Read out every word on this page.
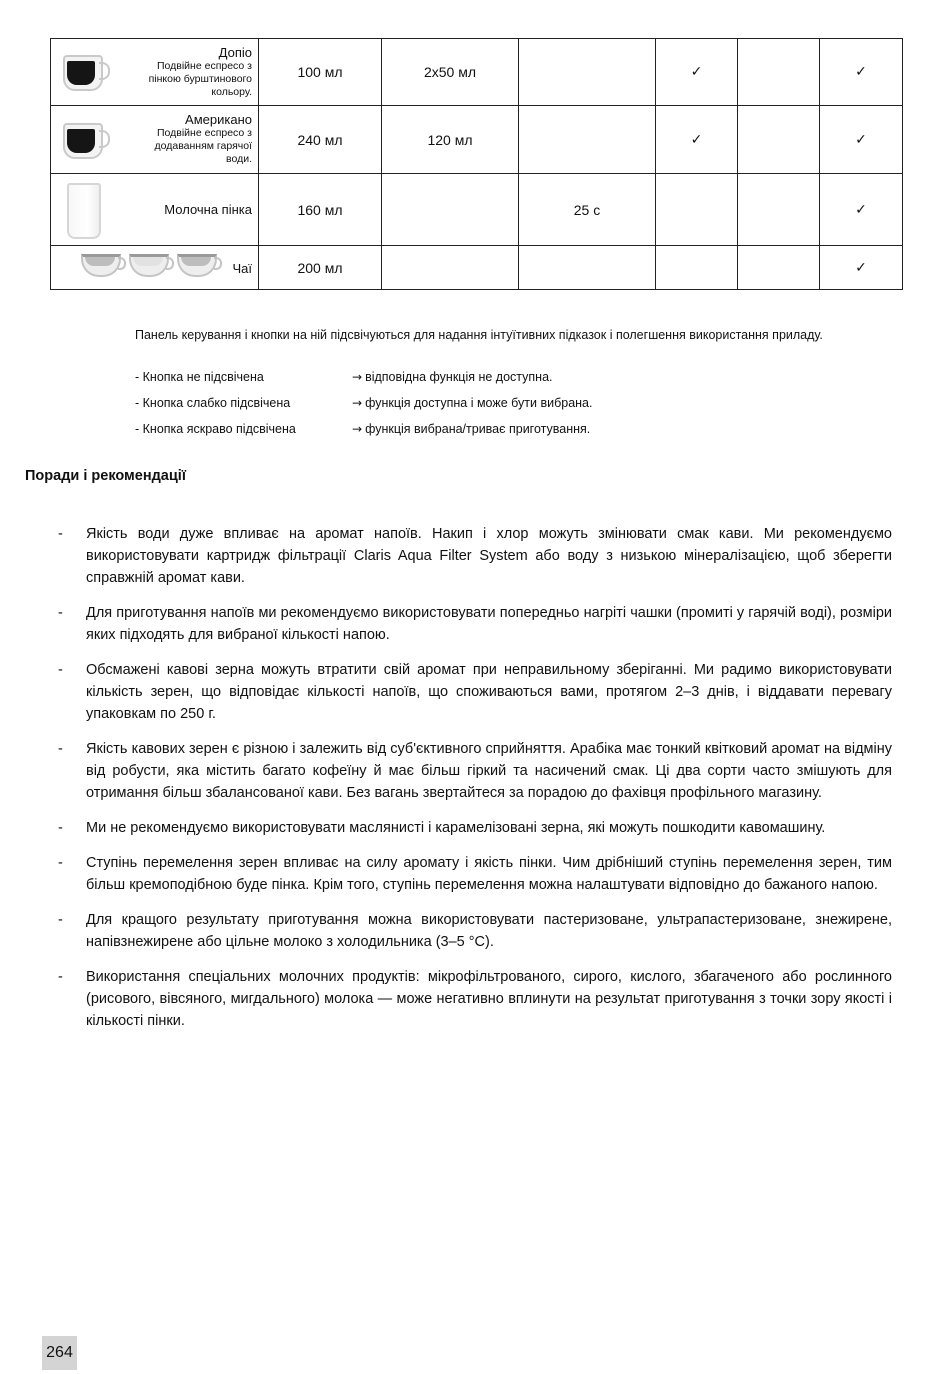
Допіо
Подвійне еспресо з
пінкою бурштинового
кольору.	100 мл	2x50 мл		✓		✓

Американо
Подвійне еспресо з
додаванням гарячої
води.	240 мл	120 мл		✓		✓

Молочна пінка	160 мл		25 с			✓

Чаї	200 мл					✓

Панель керування і кнопки на ній підсвічуються для надання інтуїтивних підказок і полегшення використання приладу.

- Кнопка не підсвічена	→ відповідна функція не доступна.
- Кнопка слабко підсвічена	→ функція доступна і може бути вибрана.
- Кнопка яскраво підсвічена	→ функція вибрана/триває приготування.
Поради і рекомендації
- Якість води дуже впливає на аромат напоїв. Накип і хлор можуть змінювати смак кави. Ми рекомендуємо використовувати картридж фільтрації Claris Aqua Filter System або воду з низькою мінералізацією, щоб зберегти справжній аромат кави.
- Для приготування напоїв ми рекомендуємо використовувати попередньо нагріті чашки (промиті у гарячій воді), розміри яких підходять для вибраної кількості напою.
- Обсмажені кавові зерна можуть втратити свій аромат при неправильному зберіганні. Ми радимо використовувати кількість зерен, що відповідає кількості напоїв, що споживаються вами, протягом 2–3 днів, і віддавати перевагу упаковкам по 250 г.
- Якість кавових зерен є різною і залежить від суб'єктивного сприйняття. Арабіка має тонкий квітковий аромат на відміну від робусти, яка містить багато кофеїну й має більш гіркий та насичений смак. Ці два сорти часто змішують для отримання більш збалансованої кави. Без вагань звертайтеся за порадою до фахівця профільного магазину.
- Ми не рекомендуємо використовувати маслянисті і карамелізовані зерна, які можуть пошкодити кавомашину.
- Ступінь перемелення зерен впливає на силу аромату і якість пінки. Чим дрібніший ступінь перемелення зерен, тим більш кремоподібною буде пінка. Крім того, ступінь перемелення можна налаштувати відповідно до бажаного напою.
- Для кращого результату приготування можна використовувати пастеризоване, ультрапастеризоване, знежирене, напівзнежирене або цільне молоко з холодильника (3–5 °C).
- Використання спеціальних молочних продуктів: мікрофільтрованого, сирого, кислого, збагаченого або рослинного (рисового, вівсяного, мигдального) молока — може негативно вплинути на результат приготування з точки зору якості і кількості пінки.
264
